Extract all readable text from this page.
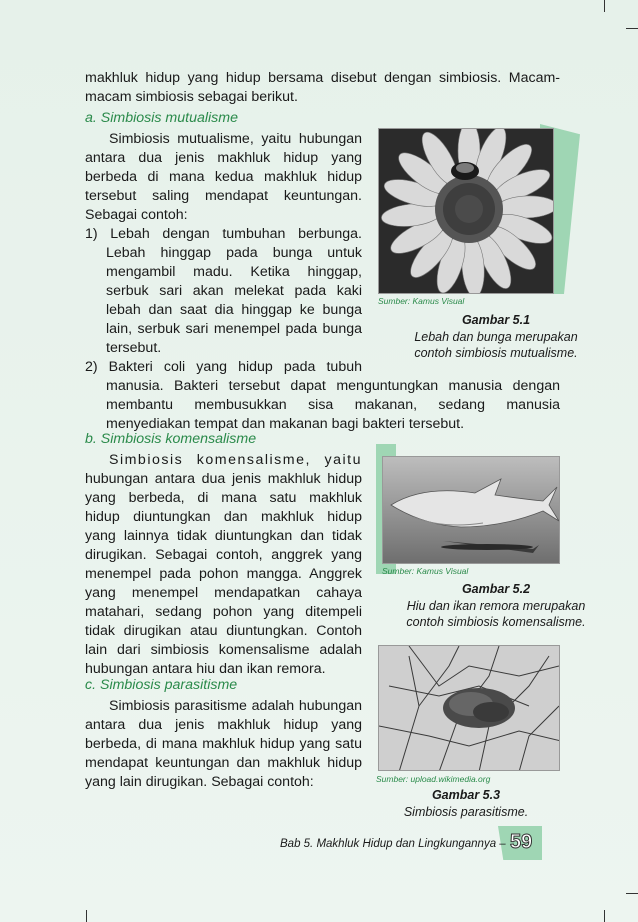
makhluk hidup yang hidup bersama disebut dengan simbiosis. Macam-
macam simbiosis sebagai berikut.
a. Simbiosis mutualisme
Simbiosis mutualisme, yaitu hubungan
antara dua jenis makhluk hidup yang
berbeda di mana kedua makhluk hidup
tersebut saling mendapat keuntungan.
Sebagai contoh:
1) Lebah dengan tumbuhan berbunga.
Lebah hinggap pada bunga untuk
mengambil madu. Ketika hinggap,
serbuk sari akan melekat pada kaki
lebah dan saat dia hinggap ke bunga
lain, serbuk sari menempel pada bunga
tersebut.
2) Bakteri coli yang hidup pada tubuh
manusia. Bakteri tersebut dapat menguntungkan manusia dengan
membantu membusukkan sisa makanan, sedang manusia
menyediakan tempat dan makanan bagi bakteri tersebut.
Sumber: Kamus Visual
Gambar 5.1
Lebah dan bunga merupakan
contoh simbiosis mutualisme.
b. Simbiosis komensalisme
Simbiosis komensalisme, yaitu
hubungan antara dua jenis makhluk hidup
yang berbeda, di mana satu makhluk
hidup diuntungkan dan makhluk hidup
yang lainnya tidak diuntungkan dan tidak
dirugikan. Sebagai contoh, anggrek yang
menempel pada pohon mangga. Anggrek
yang menempel mendapatkan cahaya
matahari, sedang pohon yang ditempeli
tidak dirugikan atau diuntungkan. Contoh
lain dari simbiosis komensalisme adalah
hubungan antara hiu dan ikan remora.
Sumber: Kamus Visual
Gambar 5.2
Hiu dan ikan remora merupakan
contoh simbiosis komensalisme.
c. Simbiosis parasitisme
Simbiosis parasitisme adalah hubungan
antara dua jenis makhluk hidup yang
berbeda, di mana makhluk hidup yang satu
mendapat keuntungan dan makhluk hidup
yang lain dirugikan. Sebagai contoh:	Sumber: upload.wikimedia.org
Gambar 5.3
Simbiosis parasitisme.
Bab 5. Makhluk Hidup dan Lingkungannya – 59
